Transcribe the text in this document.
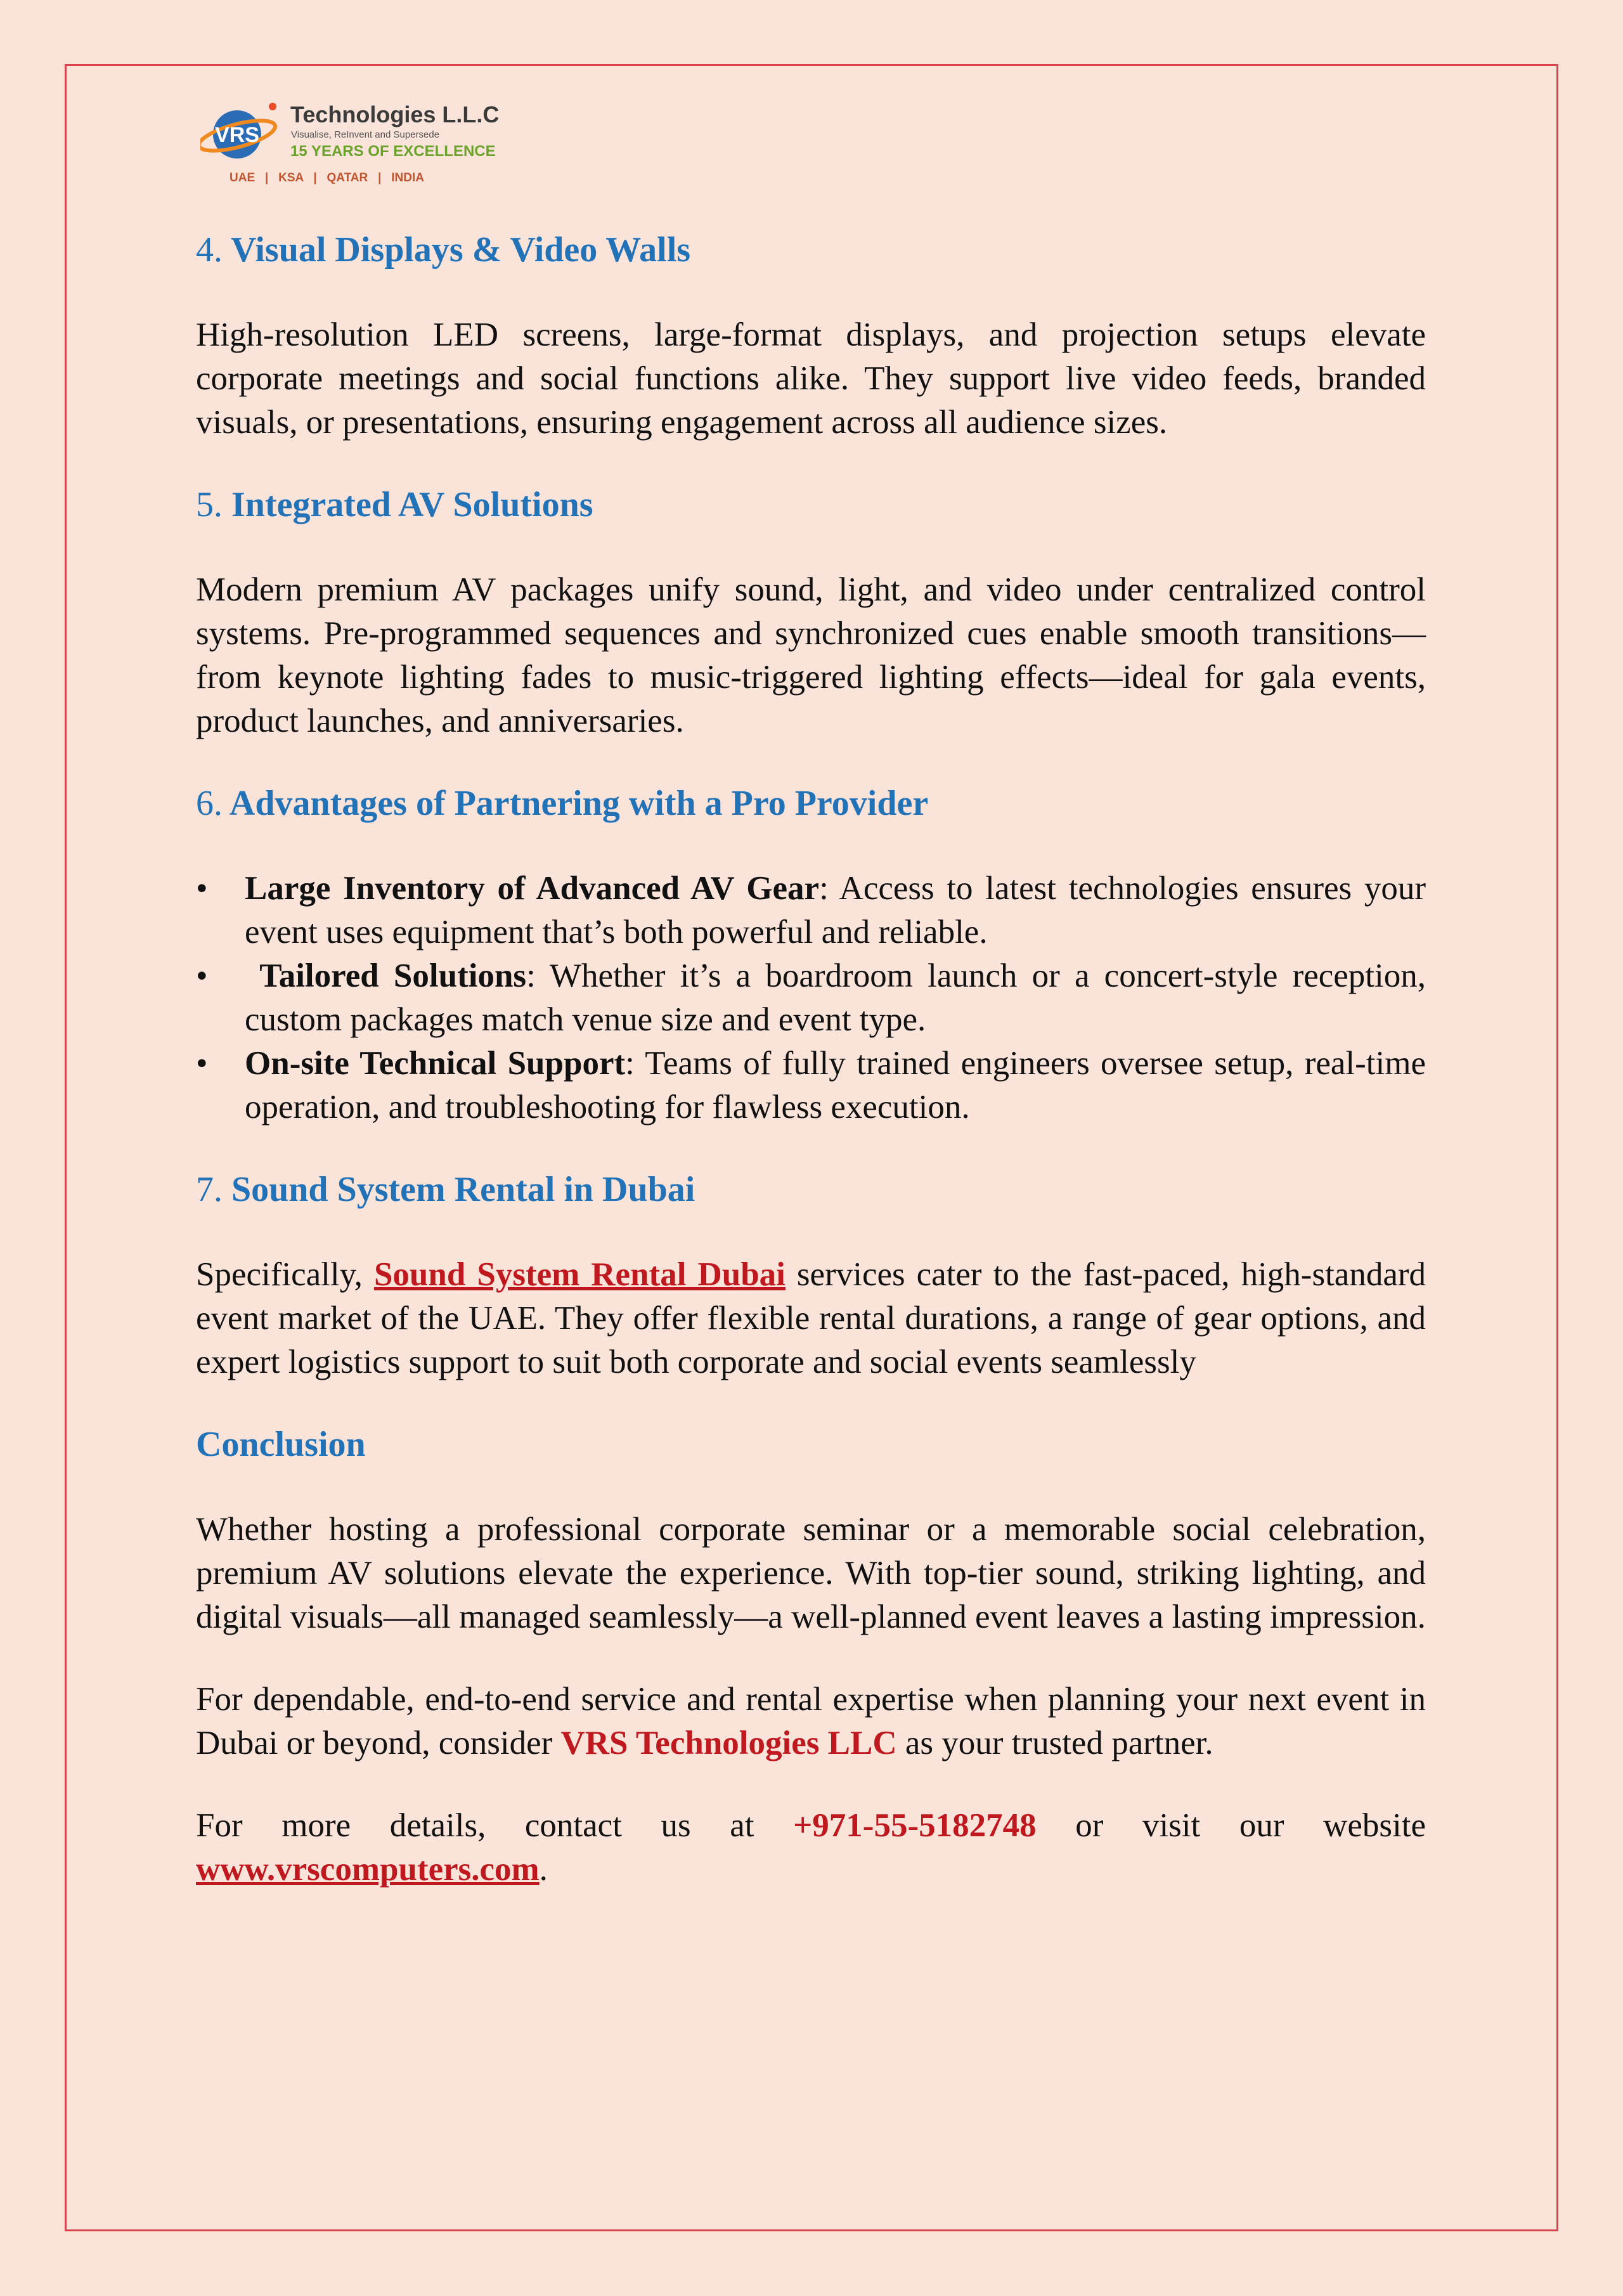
VRS
Technologies L.L.C
Visualise, ReInvent and Supersede
15 YEARS OF EXCELLENCE
UAE   |   KSA   |   QATAR   |   INDIA
4. Visual Displays & Video Walls

High-resolution LED screens, large-format displays, and projection setups elevate corporate meetings and social functions alike. They support live video feeds, branded visuals, or presentations, ensuring engagement across all audience sizes.

5. Integrated AV Solutions

Modern premium AV packages unify sound, light, and video under centralized control systems. Pre-programmed sequences and synchronized cues enable smooth transitions—from keynote lighting fades to music-triggered lighting effects—ideal for gala events, product launches, and anniversaries.

6. Advantages of Partnering with a Pro Provider
• Large Inventory of Advanced AV Gear: Access to latest technologies ensures your event uses equipment that’s both powerful and reliable.
• Tailored Solutions: Whether it’s a boardroom launch or a concert-style reception, custom packages match venue size and event type.
• On-site Technical Support: Teams of fully trained engineers oversee setup, real-time operation, and troubleshooting for flawless execution.
7. Sound System Rental in Dubai

Specifically, Sound System Rental Dubai services cater to the fast-paced, high-standard event market of the UAE. They offer flexible rental durations, a range of gear options, and expert logistics support to suit both corporate and social events seamlessly

Conclusion

Whether hosting a professional corporate seminar or a memorable social celebration, premium AV solutions elevate the experience. With top-tier sound, striking lighting, and digital visuals—all managed seamlessly—a well-planned event leaves a lasting impression.

For dependable, end-to-end service and rental expertise when planning your next event in Dubai or beyond, consider VRS Technologies LLC as your trusted partner.

For more details, contact us at +971-55-5182748 or visit our website www.vrscomputers.com.
